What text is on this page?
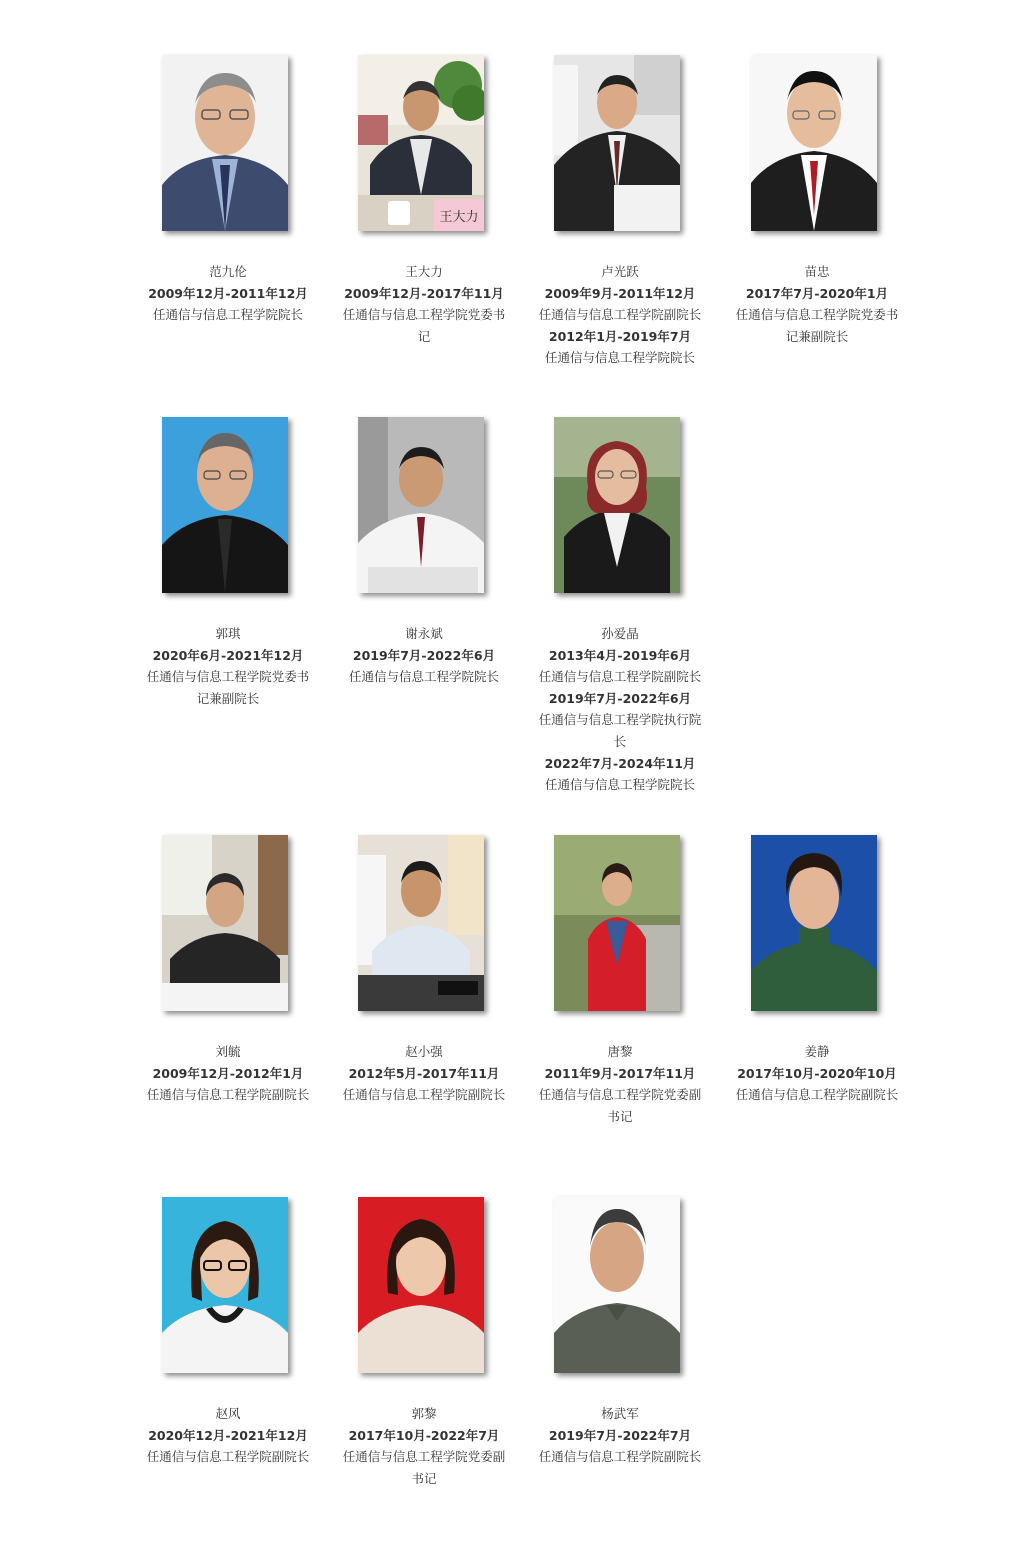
范九伦
2009年12月-2011年12月
任通信与信息工程学院院长
王大力
王大力
2009年12月-2017年11月
任通信与信息工程学院党委书记
卢光跃
2009年9月-2011年12月
任通信与信息工程学院副院长
2012年1月-2019年7月
任通信与信息工程学院院长
苗忠
2017年7月-2020年1月
任通信与信息工程学院党委书记兼副院长
郭琪
2020年6月-2021年12月
任通信与信息工程学院党委书记兼副院长
谢永斌
2019年7月-2022年6月
任通信与信息工程学院院长
孙爱晶
2013年4月-2019年6月
任通信与信息工程学院副院长
2019年7月-2022年6月
任通信与信息工程学院执行院长
2022年7月-2024年11月
任通信与信息工程学院院长
刘毓
2009年12月-2012年1月
任通信与信息工程学院副院长
赵小强
2012年5月-2017年11月
任通信与信息工程学院副院长
唐黎
2011年9月-2017年11月
任通信与信息工程学院党委副书记
姜静
2017年10月-2020年10月
任通信与信息工程学院副院长
赵风
2020年12月-2021年12月
任通信与信息工程学院副院长
郭黎
2017年10月-2022年7月
任通信与信息工程学院党委副书记
杨武军
2019年7月-2022年7月
任通信与信息工程学院副院长
